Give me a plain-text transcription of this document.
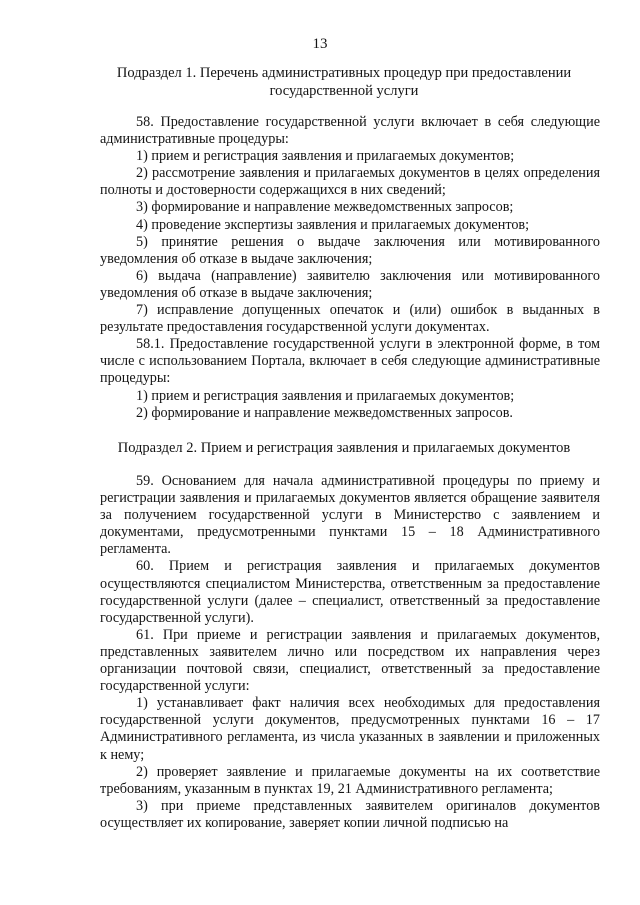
13
Подраздел 1. Перечень административных процедур при предоставлении государственной услуги

58. Предоставление государственной услуги включает в себя следующие административные процедуры:

1) прием и регистрация заявления и прилагаемых документов;

2) рассмотрение заявления и прилагаемых документов в целях определения полноты и достоверности содержащихся в них сведений;

3) формирование и направление межведомственных запросов;

4) проведение экспертизы заявления и прилагаемых документов;

5) принятие решения о выдаче заключения или мотивированного уведомления об отказе в выдаче заключения;

6) выдача (направление) заявителю заключения или мотивированного уведомления об отказе в выдаче заключения;

7) исправление допущенных опечаток и (или) ошибок в выданных в результате предоставления государственной услуги документах.

58.1. Предоставление государственной услуги в электронной форме, в том числе с использованием Портала, включает в себя следующие административные процедуры:

1) прием и регистрация заявления и прилагаемых документов;

2) формирование и направление межведомственных запросов.

Подраздел 2. Прием и регистрация заявления и прилагаемых документов

59. Основанием для начала административной процедуры по приему и регистрации заявления и прилагаемых документов является обращение заявителя за получением государственной услуги в Министерство с заявлением и документами, предусмотренными пунктами 15 – 18 Административного регламента.

60. Прием и регистрация заявления и прилагаемых документов осуществляются специалистом Министерства, ответственным за предоставление государственной услуги (далее – специалист, ответственный за предоставление государственной услуги).

61. При приеме и регистрации заявления и прилагаемых документов, представленных заявителем лично или посредством их направления через организации почтовой связи, специалист, ответственный за предоставление государственной услуги:

1) устанавливает факт наличия всех необходимых для предоставления государственной услуги документов, предусмотренных пунктами 16 – 17 Административного регламента, из числа указанных в заявлении и приложенных к нему;

2) проверяет заявление и прилагаемые документы на их соответствие требованиям, указанным в пунктах 19, 21 Административного регламента;

3) при приеме представленных заявителем оригиналов документов осуществляет их копирование, заверяет копии личной подписью на
